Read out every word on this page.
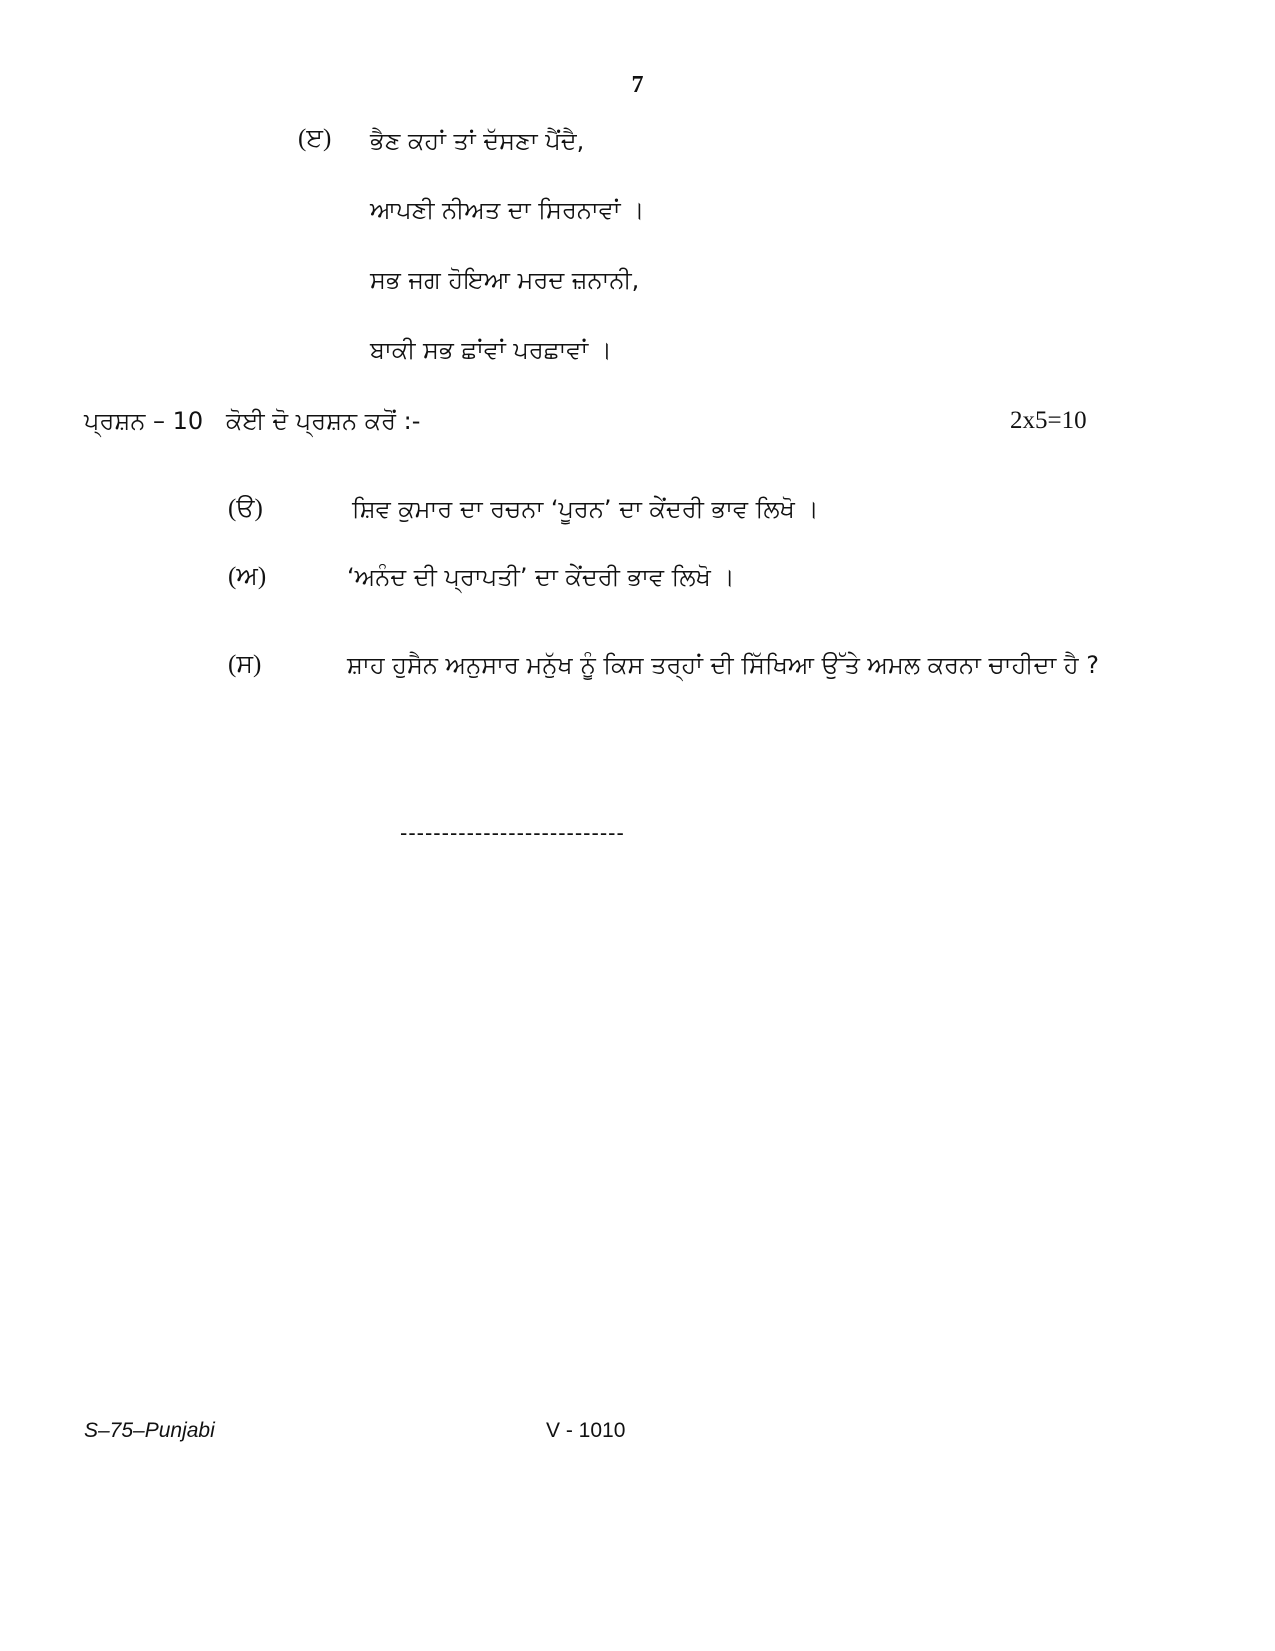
7
(ੲ) ਭੈਣ ਕਹਾਂ ਤਾਂ ਦੱਸਣਾ ਪੈਂਦੈ,
ਆਪਣੀ ਨੀਅਤ ਦਾ ਸਿਰਨਾਵਾਂ ।
ਸਭ ਜਗ ਹੋਇਆ ਮਰਦ ਜ਼ਨਾਨੀ,
ਬਾਕੀ ਸਭ ਛਾਂਵਾਂ ਪਰਛਾਵਾਂ ।
ਪ੍ਰਸ਼ਨ – 10 ਕੋਈ ਦੋ ਪ੍ਰਸ਼ਨ ਕਰੋਂ :-	2x5=10
(ੳ)	ਸ਼ਿਵ ਕੁਮਾਰ ਦਾ ਰਚਨਾ ‘ਪੂਰਨ’ ਦਾ ਕੇਂਦਰੀ ਭਾਵ ਲਿਖੋ ।
(ਅ)	‘ਅਨੰਦ ਦੀ ਪ੍ਰਾਪਤੀ’ ਦਾ ਕੇਂਦਰੀ ਭਾਵ ਲਿਖੋ ।
(ਸ)	ਸ਼ਾਹ ਹੁਸੈਨ ਅਨੁਸਾਰ ਮਨੁੱਖ ਨੂੰ ਕਿਸ ਤਰ੍ਹਾਂ ਦੀ ਸਿੱਖਿਆ ਉੱਤੇ ਅਮਲ ਕਰਨਾ ਚਾਹੀਦਾ ਹੈ ?
---------------------------
S–75–Punjabi	V - 1010
